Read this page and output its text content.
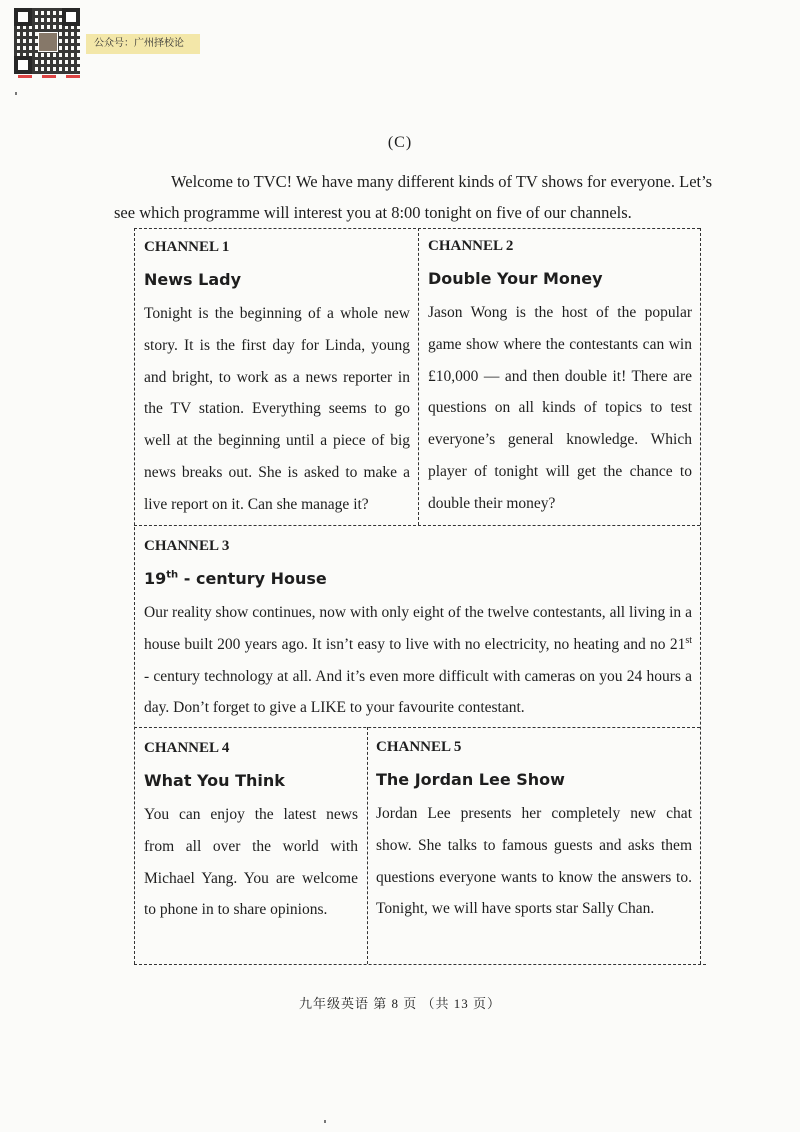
公众号：广州择校论
(C)

Welcome to TVC! We have many different kinds of TV shows for everyone. Let’s

see which programme will interest you at 8:00 tonight on five of our channels.

CHANNEL 1
News Lady

Tonight is the beginning of a whole new story. It is the first day for Linda, young and bright, to work as a news reporter in the TV station. Everything seems to go well at the beginning until a piece of big news breaks out. She is asked to make a live report on it. Can she manage it?

CHANNEL 2
Double Your Money

Jason Wong is the host of the popular game show where the contestants can win £10,000 — and then double it! There are questions on all kinds of topics to test everyone’s general knowledge. Which player of tonight will get the chance to double their money?

CHANNEL 3
19th - century House

Our reality show continues, now with only eight of the twelve contestants, all living in a house built 200 years ago. It isn’t easy to live with no electricity, no heating and no 21st - century technology at all. And it’s even more difficult with cameras on you 24 hours a day. Don’t forget to give a LIKE to your favourite contestant.

CHANNEL 4
What You Think

You can enjoy the latest news from all over the world with Michael Yang. You are welcome to phone in to share opinions.

CHANNEL 5
The Jordan Lee Show

Jordan Lee presents her completely new chat show. She talks to famous guests and asks them questions everyone wants to know the answers to. Tonight, we will have sports star Sally Chan.

九年级英语 第 8 页 （共 13 页）
